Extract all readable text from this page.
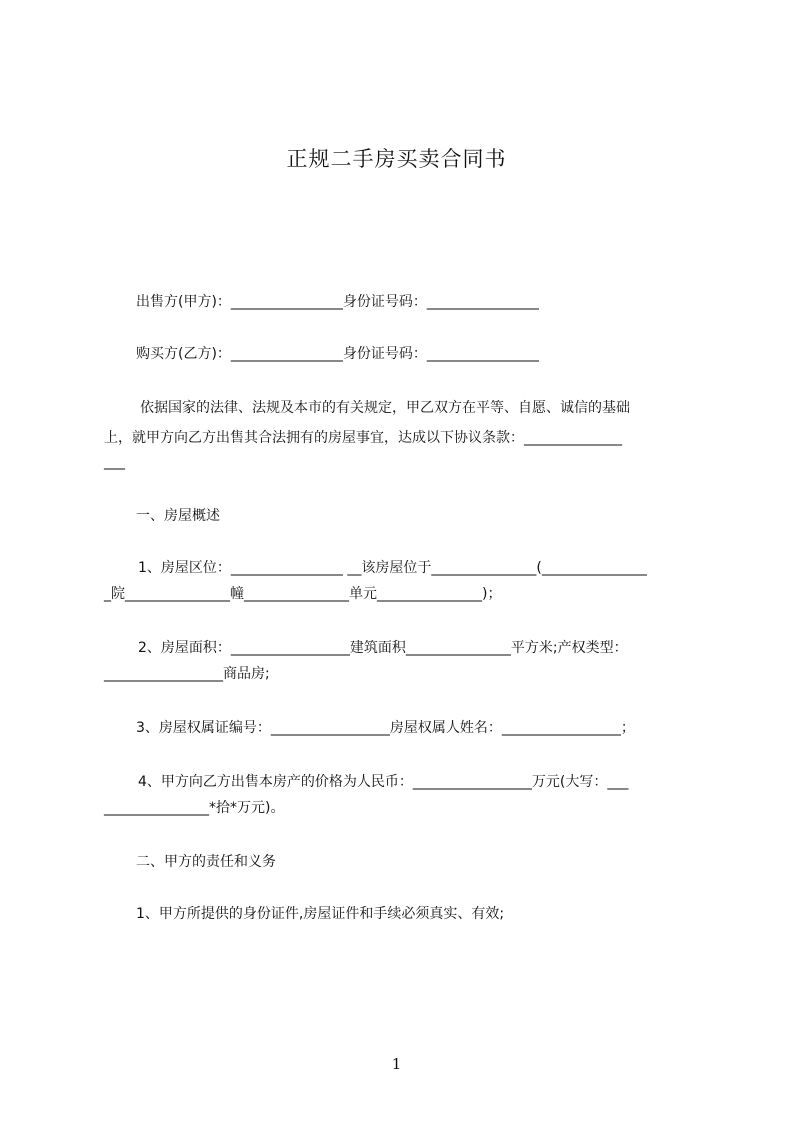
正规二手房买卖合同书
出售方(甲方)：________________身份证号码：________________
购买方(乙方)：________________身份证号码：________________
依据国家的法律、法规及本市的有关规定，甲乙双方在平等、自愿、诚信的基础
上，就甲方向乙方出售其合法拥有的房屋事宜，达成以下协议条款：______________
___
一、房屋概述
1、房屋区位：________________ __该房屋位于_______________(_______________
_院_______________幢_______________单元_______________)；
2、房屋面积：_________________建筑面积_______________平方米;产权类型：
_________________商品房;
3、房屋权属证编号：_________________房屋权属人姓名：_________________；
4、甲方向乙方出售本房产的价格为人民币：_________________万元(大写：___
_______________*拾*万元)。
二、甲方的责任和义务
1、甲方所提供的身份证件,房屋证件和手续必须真实、有效;
1
